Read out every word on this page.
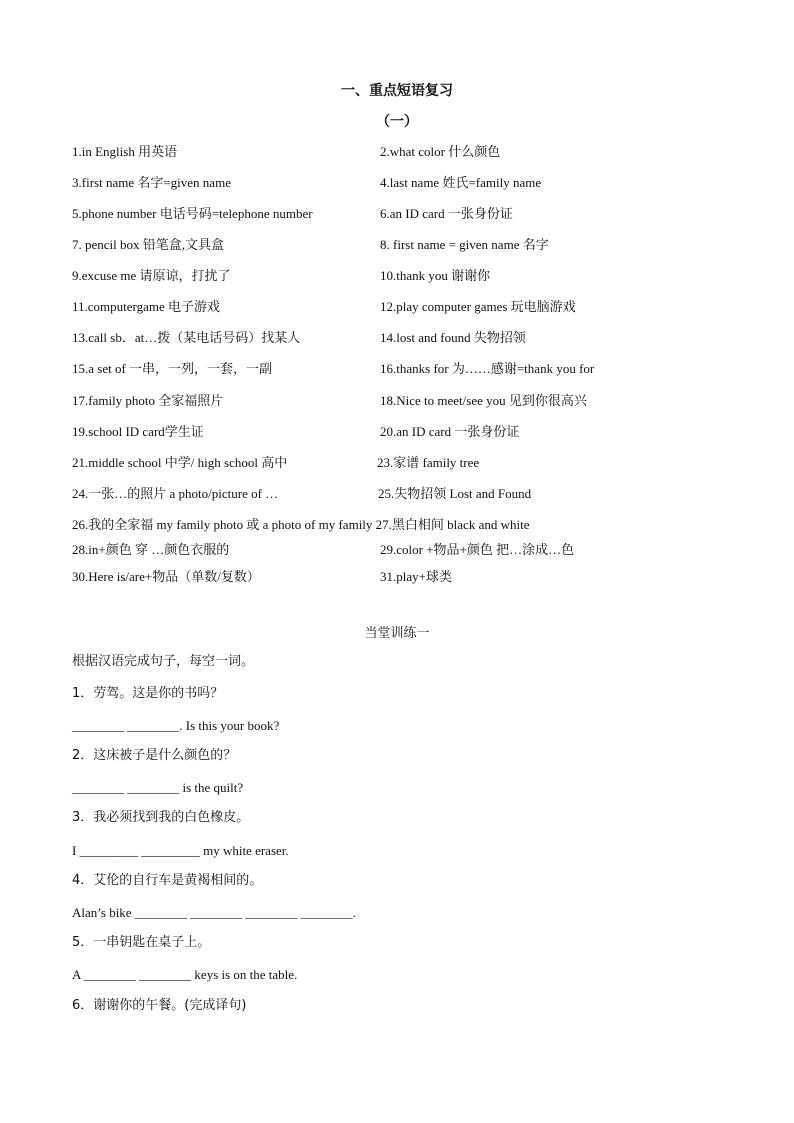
一、重点短语复习
（一）
1.in English 用英语	2.what color 什么颜色
3.first name 名字=given name	4.last name 姓氏=family name
5.phone number 电话号码=telephone number	6.an ID card 一张身份证
7. pencil box 铅笔盒,文具盒	8. first name = given name 名字
9.excuse me 请原谅，打扰了	10.thank you 谢谢你
11.computergame 电子游戏	12.play computer games 玩电脑游戏
13.call sb．at…拨（某电话号码）找某人	14.lost and found 失物招领
15.a set of 一串，一列，一套，一副	16.thanks for 为……感谢=thank you for
17.family photo 全家福照片	18.Nice to meet/see you 见到你很高兴
19.school ID card学生证	20.an ID card 一张身份证
21.middle school 中学/ high school 高中	23.家谱 family tree
24.一张…的照片 a photo/picture of …	25.失物招领 Lost and Found
26.我的全家福 my family photo 或 a photo of my family 27.黑白相间 black and white
28.in+颜色 穿 …颜色衣服的	29.color +物品+颜色 把…涂成…色
30.Here is/are+物品（单数/复数）	31.play+球类
当堂训练一
根据汉语完成句子，每空一词。
1．劳驾。这是你的书吗？
________ ________. Is this your book?
2．这床被子是什么颜色的？
________ ________ is the quilt?
3．我必须找到我的白色橡皮。
I _________ _________ my white eraser.
4．艾伦的自行车是黄褐相间的。
Alan’s bike ________ ________ ________ ________.
5．一串钥匙在桌子上。
A ________ ________ keys is on the table.
6．谢谢你的午餐。(完成译句)
